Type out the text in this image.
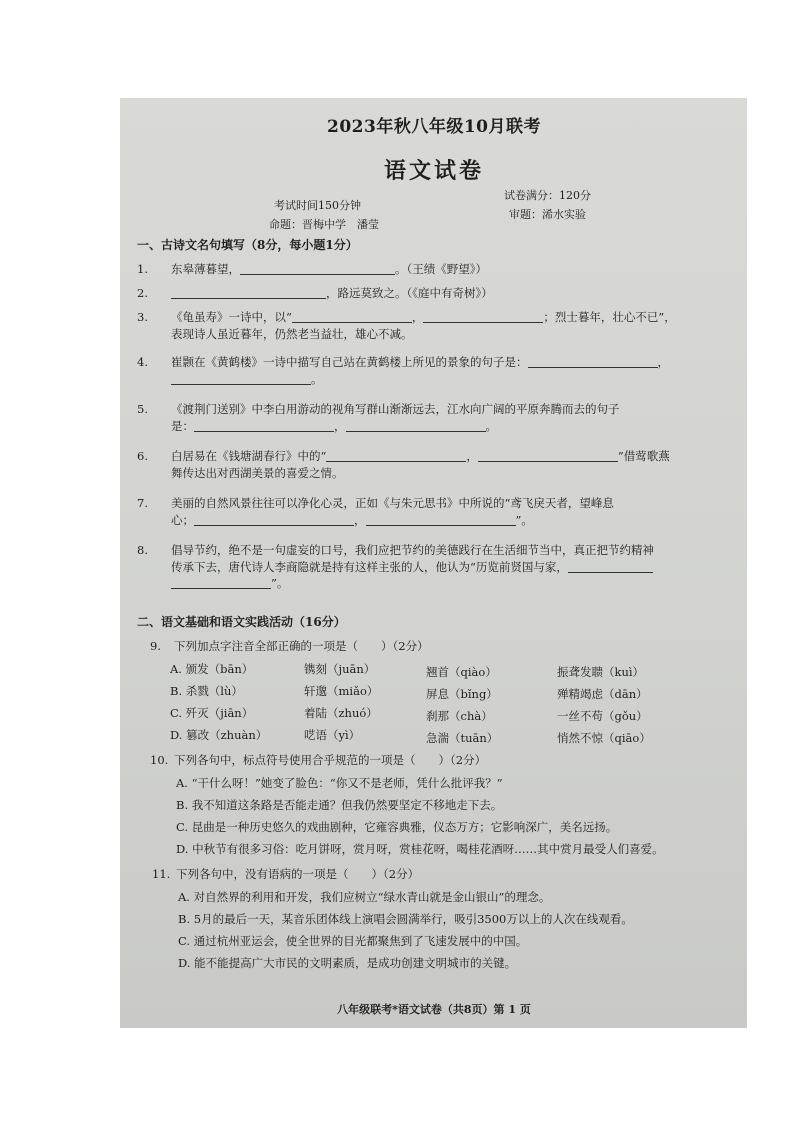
2023年秋八年级10月联考
语文试卷
考试时间150分钟
试卷满分：120分
命题：晋梅中学　潘莹
审题：浠水实验
一、古诗文名句填写（8分，每小题1分）
1. 东皋薄暮望，	。（王绩《野望》）
2.	，路远莫致之。（《庭中有奇树》）
3. 《龟虽寿》一诗中，以“	，	；烈士暮年，壮心不已”，
表现诗人虽近暮年，仍然老当益壮，雄心不减。
4. 崔颢在《黄鹤楼》一诗中描写自己站在黄鹤楼上所见的景象的句子是：	，
。
5. 《渡荆门送别》中李白用游动的视角写群山渐渐远去，江水向广阔的平原奔腾而去的句子
是：	，	。
6. 白居易在《钱塘湖春行》中的“	，	”借莺歌燕
舞传达出对西湖美景的喜爱之情。
7. 美丽的自然风景往往可以净化心灵，正如《与朱元思书》中所说的“鸢飞戾天者，望峰息
心；	，	”。
8. 倡导节约，绝不是一句虚妄的口号，我们应把节约的美德践行在生活细节当中，真正把节约精神
传承下去，唐代诗人李商隐就是持有这样主张的人，他认为“历览前贤国与家，
”。
二、语文基础和语文实践活动（16分）
9. 下列加点字注音全部正确的一项是（　　）（2分）
A. 颁发（bān）	镌刻（juān）	翘首（qiào）	振聋发聩（kuì）
B. 杀戮（lù）	轩邈（miǎo）	屏息（bǐng）	殚精竭虑（dān）
C. 歼灭（jiān）	着陆（zhuó）	刹那（chà）	一丝不苟（gǒu）
D. 篡改（zhuàn）	呓语（yì）	急湍（tuān）	悄然不惊（qiāo）
10. 下列各句中，标点符号使用合乎规范的一项是（　　）（2分）
A. “干什么呀！”她变了脸色：“你又不是老师，凭什么批评我？”
B. 我不知道这条路是否能走通？但我仍然要坚定不移地走下去。
C. 昆曲是一种历史悠久的戏曲剧种，它雍容典雅，仪态万方；它影响深广，美名远扬。
D. 中秋节有很多习俗：吃月饼呀，赏月呀，赏桂花呀，喝桂花酒呀……其中赏月最受人们喜爱。
11. 下列各句中，没有语病的一项是（　　）（2分）
A. 对自然界的利用和开发，我们应树立“绿水青山就是金山银山”的理念。
B. 5月的最后一天，某音乐团体线上演唱会圆满举行，吸引3500万以上的人次在线观看。
C. 通过杭州亚运会，使全世界的目光都聚焦到了飞速发展中的中国。
D. 能不能提高广大市民的文明素质，是成功创建文明城市的关键。
八年级联考*语文试卷（共8页）第 1 页
